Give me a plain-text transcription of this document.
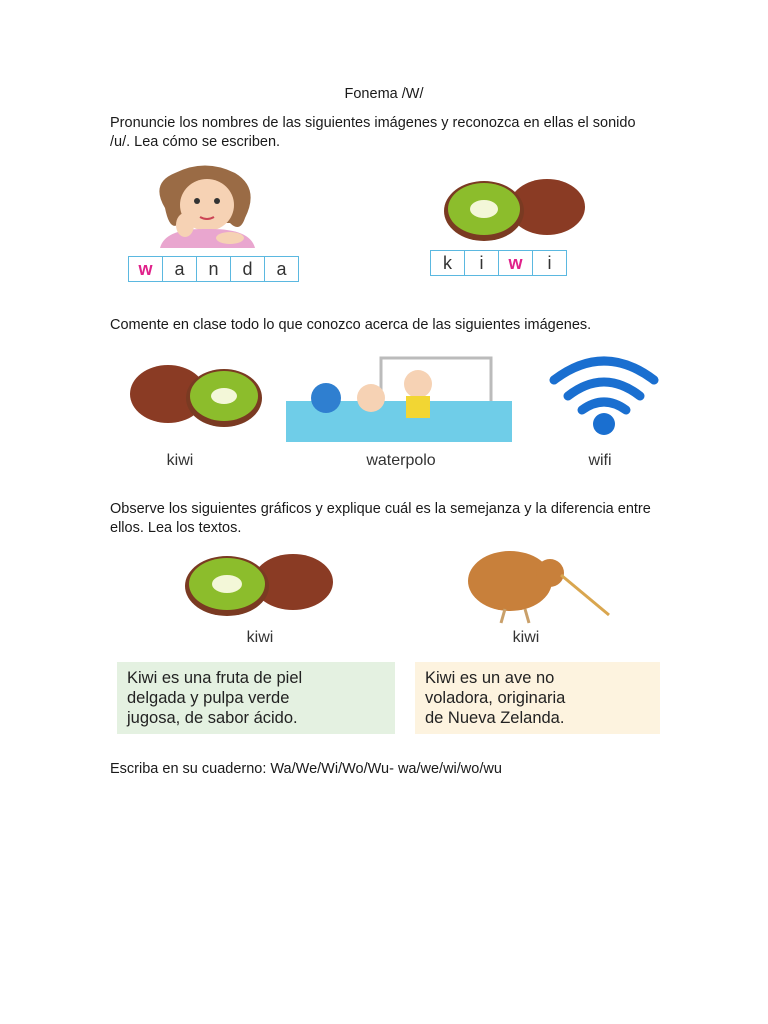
Fonema /W/
Pronuncie los nombres de las siguientes imágenes y reconozca en ellas el sonido /u/. Lea cómo se escriben.
w	a	n	d	a	k	i	w	i
Comente en clase todo lo que conozco acerca de las siguientes imágenes.
kiwi	waterpolo	wifi
Observe los siguientes gráficos y explique cuál es la semejanza y la diferencia entre ellos. Lea los textos.
kiwi	kiwi
Kiwi es una fruta de piel
delgada y pulpa verde
jugosa, de sabor ácido.
Kiwi es un ave no
voladora, originaria
de Nueva Zelanda.
Escriba en su cuaderno: Wa/We/Wi/Wo/Wu- wa/we/wi/wo/wu
